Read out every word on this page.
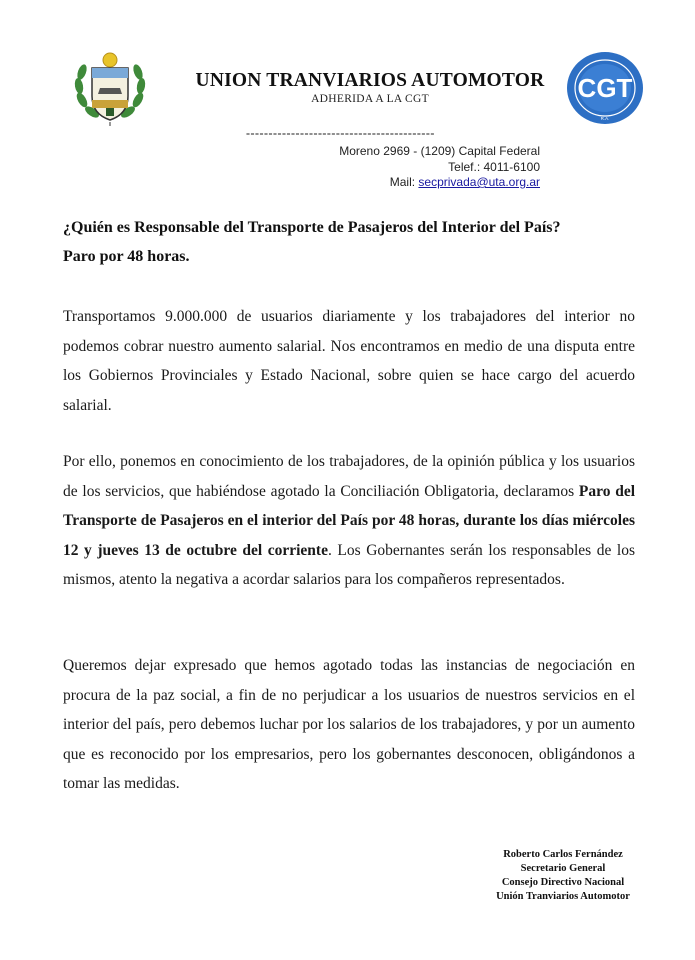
CGT
R.A.
UNION TRANVIARIOS AUTOMOTOR
ADHERIDA A LA CGT
------------------------------------------
Moreno 2969 - (1209) Capital Federal
Telef.: 4011-6100
Mail: secprivada@uta.org.ar
¿Quién es Responsable del Transporte de Pasajeros del Interior del País?
Paro por 48 horas.
Transportamos 9.000.000 de usuarios diariamente y los trabajadores del interior no podemos cobrar nuestro aumento salarial. Nos encontramos en medio de una disputa entre los Gobiernos Provinciales y Estado Nacional, sobre quien se hace cargo del acuerdo salarial.
Por ello, ponemos en conocimiento de los trabajadores, de la opinión pública y los usuarios de los servicios, que habiéndose agotado la Conciliación Obligatoria, declaramos Paro del Transporte de Pasajeros en el interior del País por 48 horas, durante los días miércoles 12 y jueves 13 de octubre del corriente. Los Gobernantes serán los responsables de los mismos, atento la negativa a acordar salarios para los compañeros representados.
Queremos dejar expresado que hemos agotado todas las instancias de negociación en procura de la paz social, a fin de no perjudicar a los usuarios de nuestros servicios en el interior del país, pero debemos luchar por los salarios de los trabajadores, y por un aumento que es reconocido por los empresarios, pero los gobernantes desconocen, obligándonos a tomar las medidas.
Roberto Carlos Fernández
Secretario General
Consejo Directivo Nacional
Unión Tranviarios Automotor
